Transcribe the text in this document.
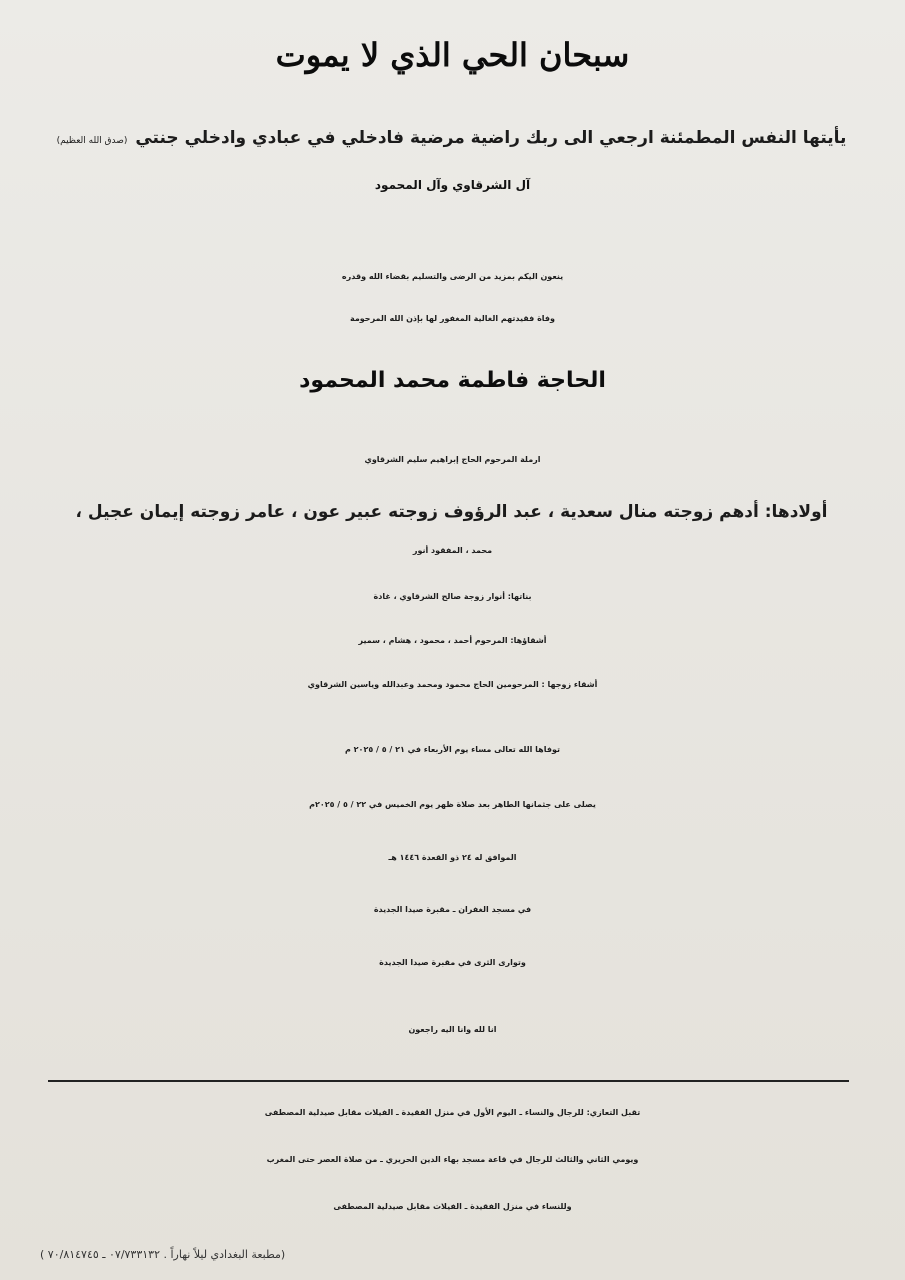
سبحان الحي الذي لا يموت
يأيتها النفس المطمئنة ارجعي الى ربك راضية مرضية فادخلي في عبادي وادخلي جنتي (صدق الله العظيم)
آل الشرقاوي وآل المحمود
ينعون اليكم بمزيد من الرضى والتسليم بقضاء الله وقدره
وفاة فقيدتهم الغالية المغفور لها بإذن الله المرحومة
الحاجة فاطمة محمد المحمود
ارملة المرحوم الحاج إبراهيم سليم الشرقاوي
أولادها: أدهم زوجته منال سعدية ، عبد الرؤوف زوجته عبير عون ، عامر زوجته إيمان عجيل ،
محمد ، المفقود أنور
بناتها: أنوار زوجة صالح الشرقاوي ، غادة
أشقاؤها: المرحوم أحمد ، محمود ، هشام ، سمير
أشقاء زوجها : المرحومين الحاج محمود ومحمد وعبدالله وياسين الشرقاوي
توفاها الله تعالى مساء يوم الأربعاء في ٢١ / ٥ / ٢٠٢٥ م
يصلى على جثمانها الطاهر بعد صلاة ظهر يوم الخميس في ٢٢ / ٥ / ٢٠٢٥م
الموافق له ٢٤ ذو القعدة ١٤٤٦ هـ
في مسجد الغفران ـ مقبرة صيدا الجديدة
وتوارى الثرى في مقبرة صيدا الجديدة
انا لله وانا اليه راجعون
تقبل التعازي: للرجال والنساء ـ اليوم الأول في منزل الفقيدة ـ الفيلات مقابل صيدلية المصطفى
ويومي الثاني والثالث للرجال في قاعة مسجد بهاء الدين الحريري ـ من صلاة العصر حتى المغرب
وللنساء في منزل الفقيدة ـ الفيلات مقابل صيدلية المصطفى
(مطبعة البغدادي ليلاً نهاراً . ٠٧/٧٣٣١٣٢ ـ ٧٠/٨١٤٧٤٥ )
